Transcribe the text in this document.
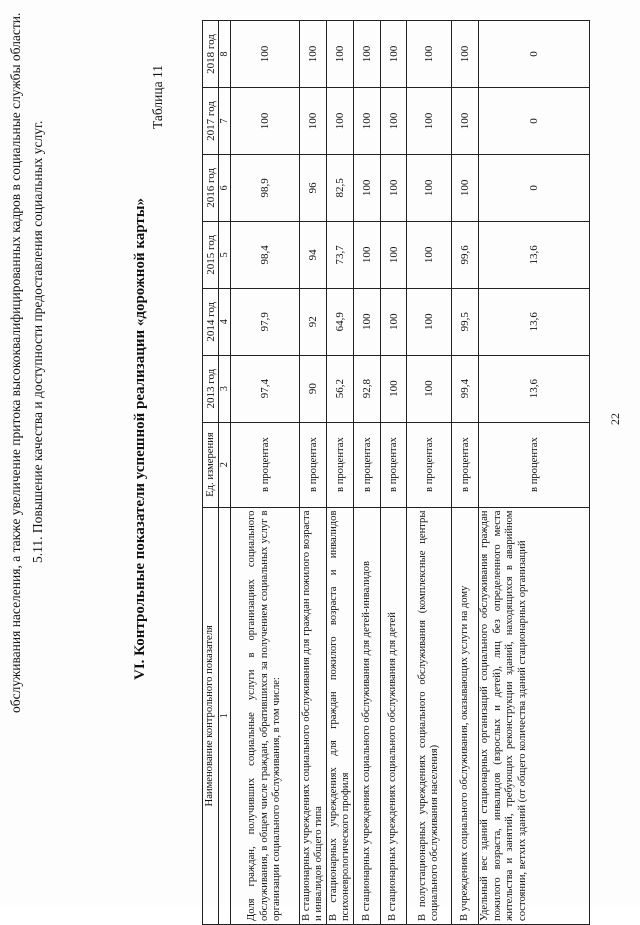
обслуживания населения, а также увеличение притока высококвалифицированных кадров в социальные службы области. 5.11. Повышение качества и доступности предоставления социальных услуг.	VI. Контрольные показатели успешной реализации «дорожной карты»
Таблица 11
Наименование контрольного показателя	Ед. измерения	2013 год	2014 год	2015 год	2016 год	2017 год	2018 год
1	2	3	4	5	6	7	8
Доля граждан, получивших социальные услуги в организациях социального обслуживания, в общем числе граждан, обратившихся за получением социальных услуг в организации социального обслуживания, в том числе:	в процентах	97,4	97,9	98,4	98,9	100	100
В стационарных учреждениях социального обслуживания для граждан пожилого возраста и инвалидов общего типа	в процентах	90	92	94	96	100	100
В стационарных учреждениях для граждан пожилого возраста и инвалидов психоневрологического профиля	в процентах	56,2	64,9	73,7	82,5	100	100
В стационарных учреждениях социального обслуживания для детей-инвалидов	в процентах	92,8	100	100	100	100	100
В стационарных учреждениях социального обслуживания для детей	в процентах	100	100	100	100	100	100
В полустационарных учреждениях социального обслуживания (комплексные центры социального обслуживания населения)	в процентах	100	100	100	100	100	100
В учреждениях социального обслуживания, оказывающих услуги на дому	в процентах	99,4	99,5	99,6	100	100	100
Удельный вес зданий стационарных организаций социального обслуживания граждан пожилого возраста, инвалидов (взрослых и детей), лиц без определенного места жительства и занятий, требующих реконструкции зданий, находящихся в аварийном состоянии, ветхих зданий (от общего количества зданий стационарных организаций	в процентах	13,6	13,6	13,6	0	0	0
22
